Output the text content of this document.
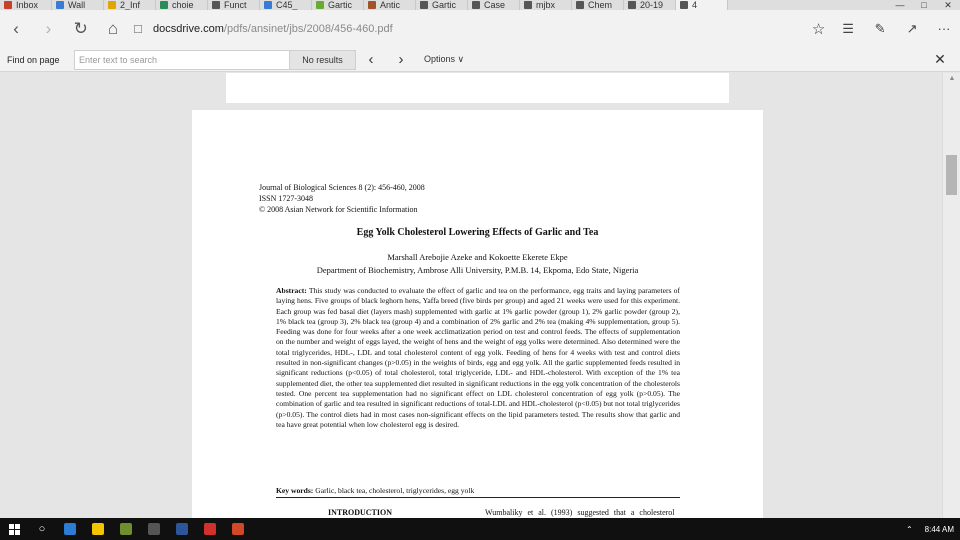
Inbox	Wall	2_Inf	choie	Funct	C45_	Gartic	Antic	Gartic	Case	mjbx	Chem	20-19	4	—	□	✕
‹ › ↻ ⌂ ☐ docsdrive.com /pdfs/ansinet/jbs/2008/456-460.pdf	☆	☰	✎	↗	···
Find on page
Enter text to search	No results	‹	›	Options ∨	✕
Journal of Biological Sciences 8 (2): 456-460, 2008
ISSN 1727-3048
© 2008 Asian Network for Scientific Information
Egg Yolk Cholesterol Lowering Effects of Garlic and Tea
Marshall Arebojie Azeke and Kokoette Ekerete Ekpe
Department of Biochemistry, Ambrose Alli University, P.M.B. 14, Ekpoma, Edo State, Nigeria
Abstract: This study was conducted to evaluate the effect of garlic and tea on the performance, egg traits and laying parameters of laying hens. Five groups of black leghorn hens, Yaffa breed (five birds per group) and aged 21 weeks were used for this experiment. Each group was fed basal diet (layers mash) supplemented with garlic at 1% garlic powder (group 1), 2% garlic powder (group 2), 1% black tea (group 3), 2% black tea (group 4) and a combination of 2% garlic and 2% tea (making 4% supplementation, group 5). Feeding was done for four weeks after a one week acclimatization period on test and control feeds. The effects of supplementation on the number and weight of eggs layed, the weight of hens and the weight of egg yolks were determined. Also determined were the total triglycerides, HDL-, LDL and total cholesterol content of egg yolk. Feeding of hens for 4 weeks with test and control diets resulted in non-significant changes (p>0.05) in the weights of birds, egg and egg yolk. All the garlic supplemented feeds resulted in significant reductions (p<0.05) of total cholesterol, total triglyceride, LDL- and HDL-cholesterol. With exception of the 1% tea supplemented diet, the other tea supplemented diet resulted in significant reductions in the egg yolk concentration of the cholesterols tested. One percent tea supplementation had no significant effect on LDL cholesterol concentration of egg yolk (p>0.05). The combination of garlic and tea resulted in significant reductions of total-LDL and HDL-cholesterol (p<0.05) but not total triglycerides (p>0.05). The control diets had in most cases non-significant effects on the lipid parameters tested. The results show that garlic and tea have great potential when low cholesterol egg is desired.
Key words: Garlic, black tea, cholesterol, triglycerides, egg yolk
INTRODUCTION	Wumbaliky et al. (1993) suggested that a cholesterol
▲
○	⌃ 8:44 AM
